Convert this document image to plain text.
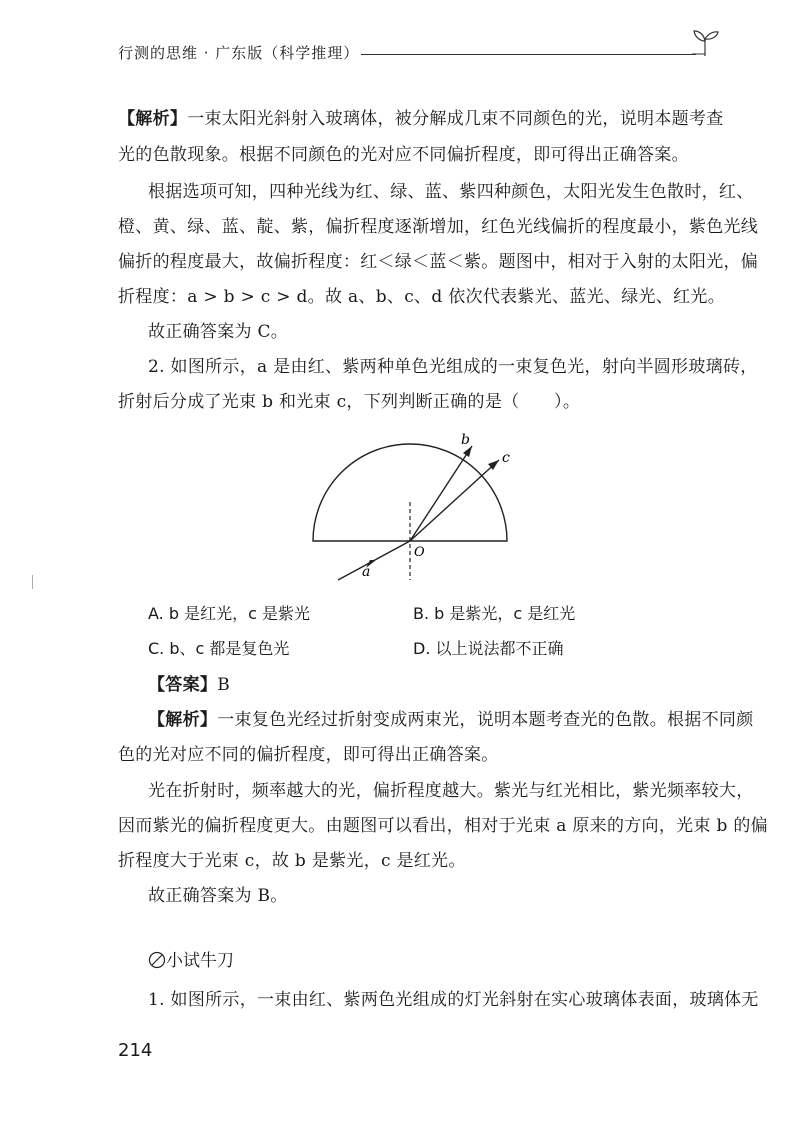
行测的思维 · 广东版（科学推理）
【解析】一束太阳光斜射入玻璃体，被分解成几束不同颜色的光，说明本题考查
光的色散现象。根据不同颜色的光对应不同偏折程度，即可得出正确答案。
根据选项可知，四种光线为红、绿、蓝、紫四种颜色，太阳光发生色散时，红、
橙、黄、绿、蓝、靛、紫，偏折程度逐渐增加，红色光线偏折的程度最小，紫色光线
偏折的程度最大，故偏折程度：红＜绿＜蓝＜紫。题图中，相对于入射的太阳光，偏
折程度：a > b > c > d。故 a、b、c、d 依次代表紫光、蓝光、绿光、红光。
故正确答案为 C。
2. 如图所示，a 是由红、紫两种单色光组成的一束复色光，射向半圆形玻璃砖，
折射后分成了光束 b 和光束 c，下列判断正确的是（　　）。
a
b
c
O
A. b 是红光，c 是紫光	B. b 是紫光，c 是红光
C. b、c 都是复色光	D. 以上说法都不正确
【答案】B
【解析】一束复色光经过折射变成两束光，说明本题考查光的色散。根据不同颜
色的光对应不同的偏折程度，即可得出正确答案。
光在折射时，频率越大的光，偏折程度越大。紫光与红光相比，紫光频率较大，
因而紫光的偏折程度更大。由题图可以看出，相对于光束 a 原来的方向，光束 b 的偏
折程度大于光束 c，故 b 是紫光，c 是红光。
故正确答案为 B。
小试牛刀
1. 如图所示，一束由红、紫两色光组成的灯光斜射在实心玻璃体表面，玻璃体无
214
